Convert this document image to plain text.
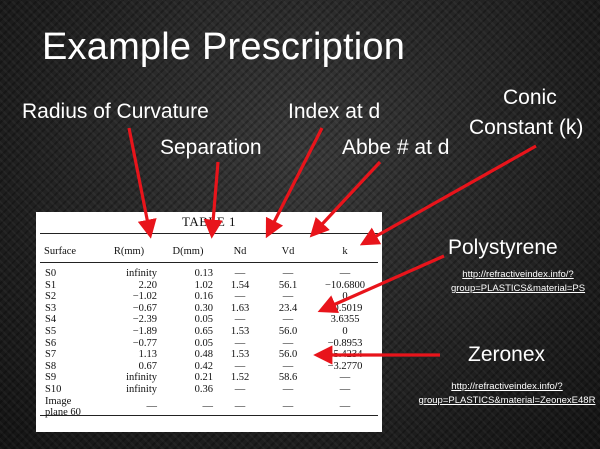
Example Prescription
Radius of Curvature
Separation
Index at d
Abbe # at d
Conic
Constant (k)
Polystyrene
Zeronex
http://refractiveindex.info/?
group=PLASTICS&material=PS
http://refractiveindex.info/?
group=PLASTICS&material=ZeonexE48R
TABLE 1
Surface	R(mm)	D(mm)	Nd	Vd	k

S0	infinity	0.13	—	—	—
S1	2.20	1.02	1.54	56.1	−10.6800
S2	−1.02	0.16	—	—	0
S3	−0.67	0.30	1.63	23.4	−0.5019
S4	−2.39	0.05	—	—	3.6355
S5	−1.89	0.65	1.53	56.0	0
S6	−0.77	0.05	—	—	−0.8953
S7	1.13	0.48	1.53	56.0	−5.4234
S8	0.67	0.42	—	—	−3.2770
S9	infinity	0.21	1.52	58.6	—
S10	infinity	0.36	—	—	—
Image plane 60	—	—	—	—	—
